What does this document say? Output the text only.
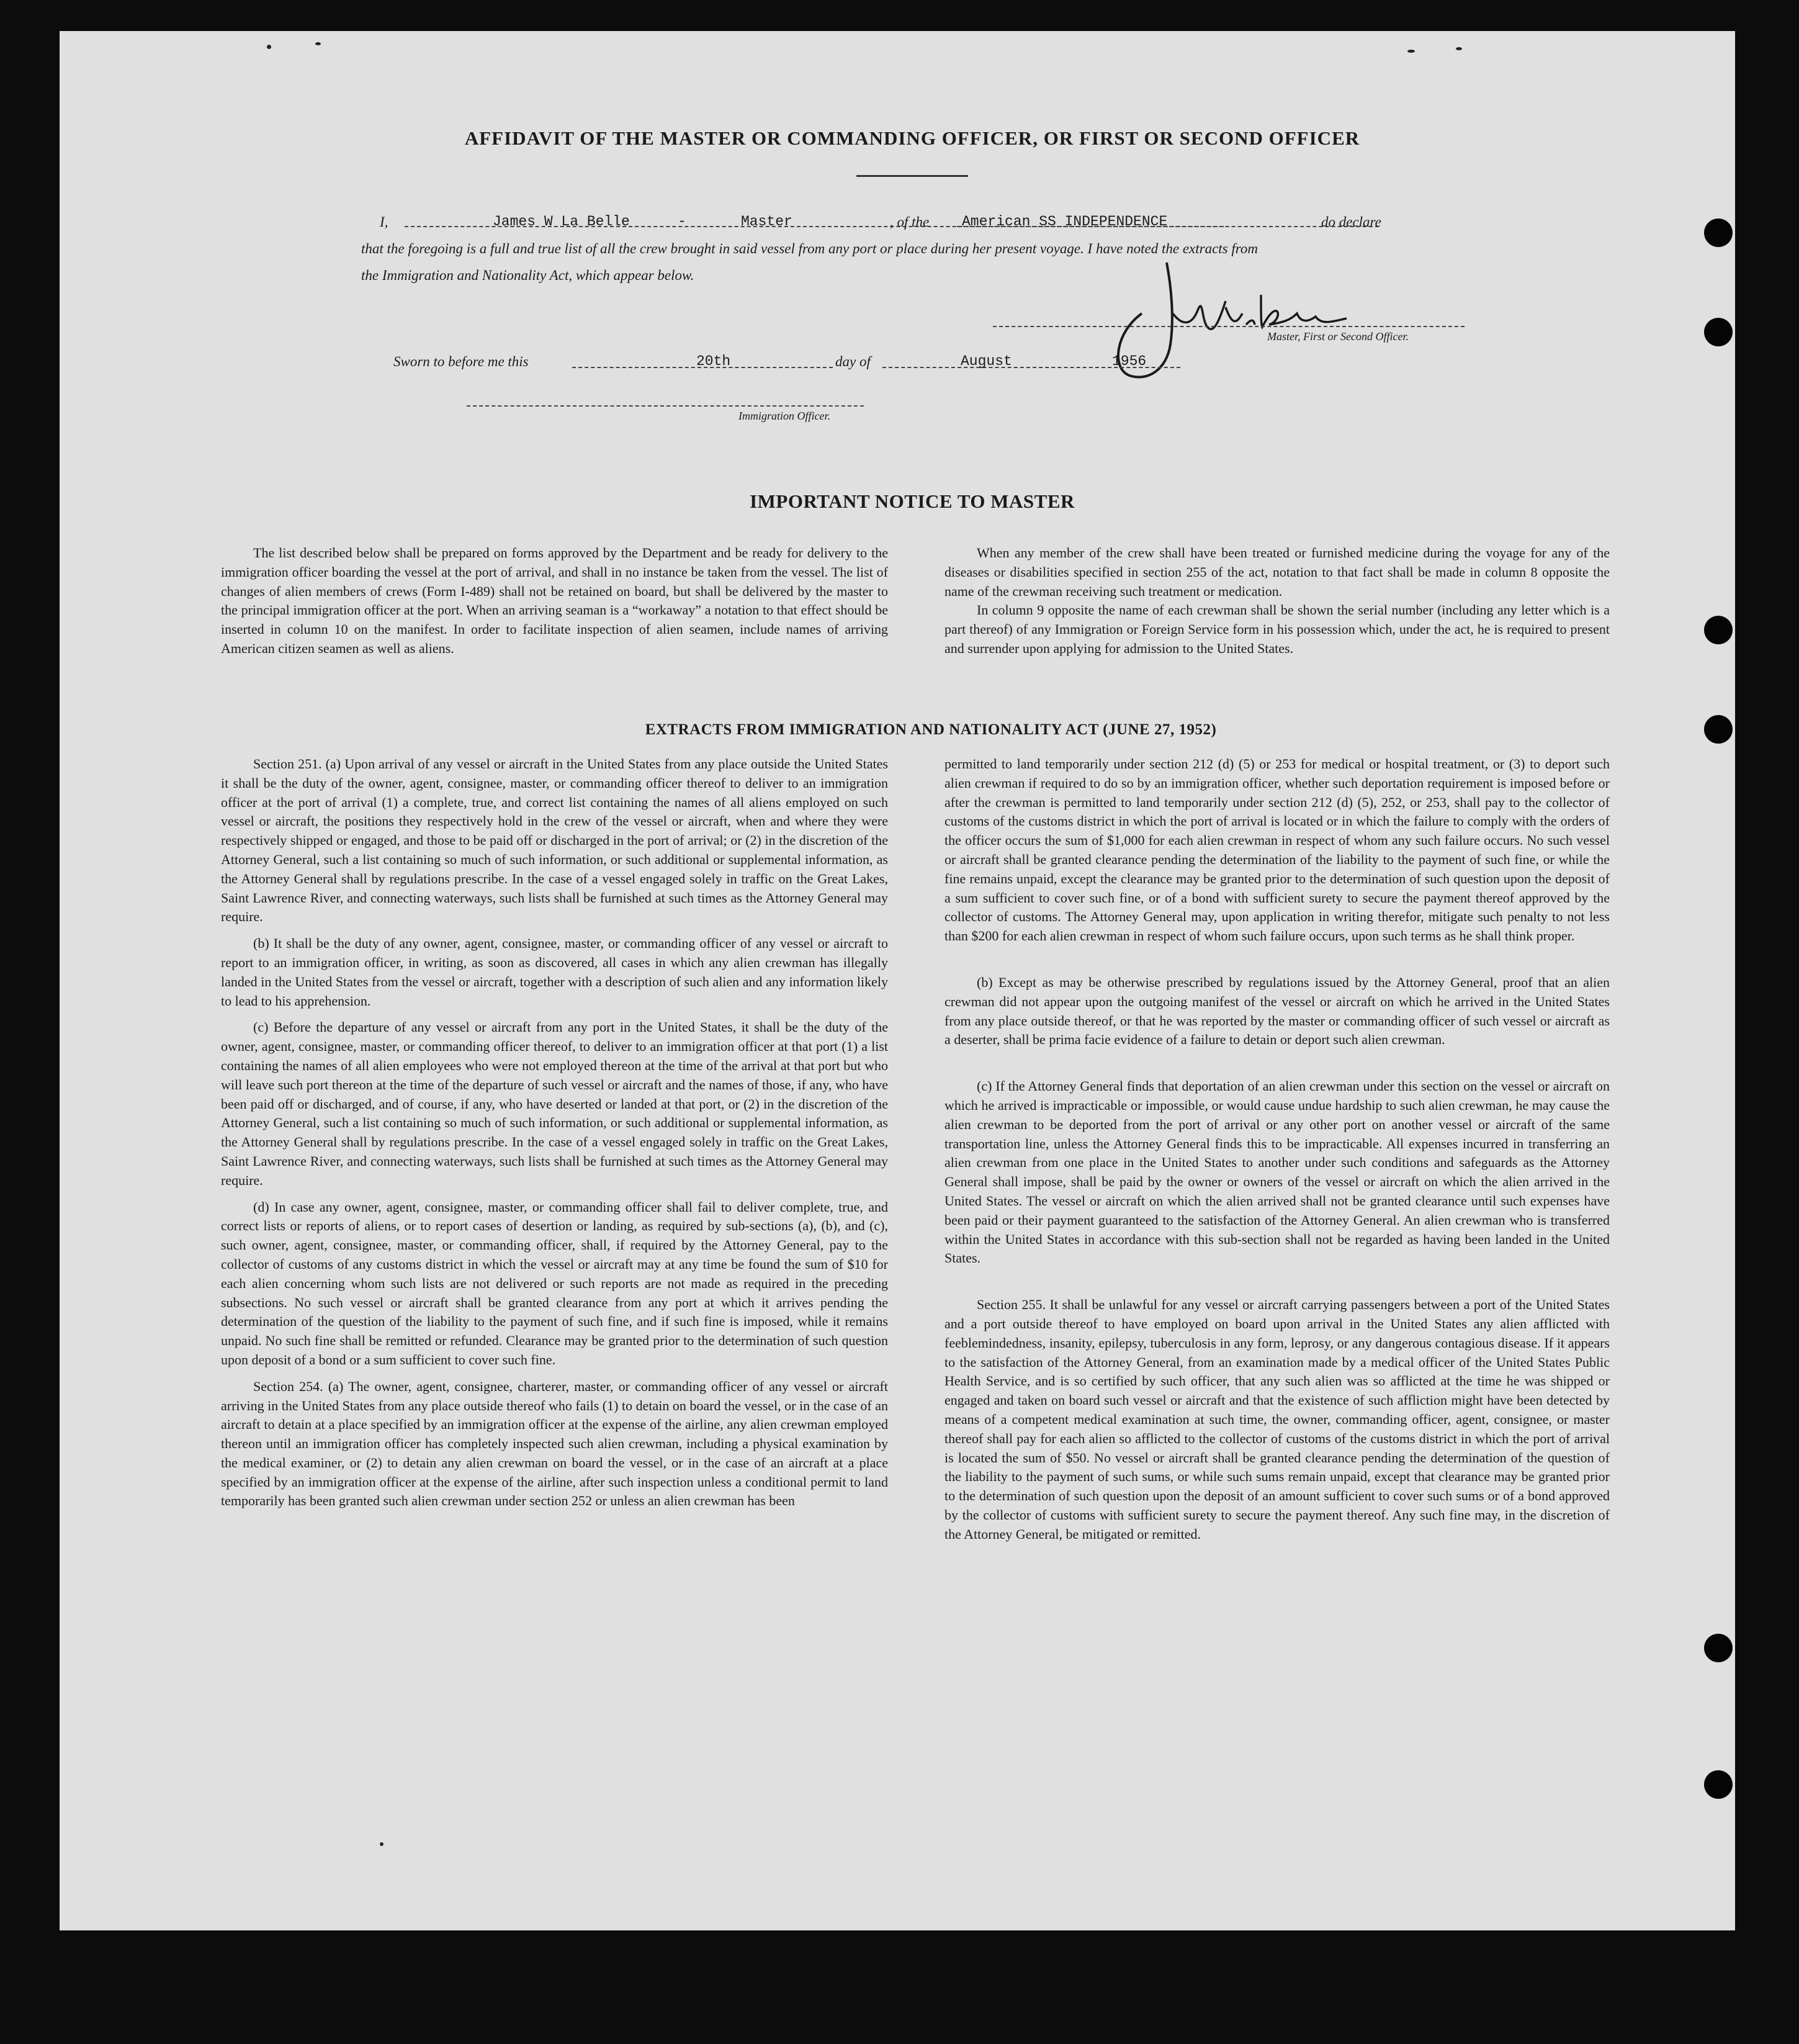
AFFIDAVIT OF THE MASTER OR COMMANDING OFFICER, OR FIRST OR SECOND OFFICER
I,	James W La Belle	-	Master	, of the American SS INDEPENDENCE	do declare
that the foregoing is a full and true list of all the crew brought in said vessel from any port or place during her present voyage. I have noted the extracts from
the Immigration and Nationality Act, which appear below.
Master, First or Second Officer.
Sworn to before me this	20th	day of	August	1956
Immigration Officer.
IMPORTANT NOTICE TO MASTER

The list described below shall be prepared on forms approved by the Department and be ready for delivery to the immigration officer boarding the vessel at the port of arrival, and shall in no instance be taken from the vessel. The list of changes of alien members of crews (Form I-489) shall not be retained on board, but shall be delivered by the master to the principal immigration officer at the port. When an arriving seaman is a “workaway” a notation to that effect should be inserted in column 10 on the manifest. In order to facilitate inspection of alien seamen, include names of arriving American citizen seamen as well as aliens.

When any member of the crew shall have been treated or furnished medicine during the voyage for any of the diseases or disabilities specified in section 255 of the act, notation to that fact shall be made in column 8 opposite the name of the crewman receiving such treatment or medication.

In column 9 opposite the name of each crewman shall be shown the serial number (including any letter which is a part thereof) of any Immigration or Foreign Service form in his possession which, under the act, he is required to present and surrender upon applying for admission to the United States.

EXTRACTS FROM IMMIGRATION AND NATIONALITY ACT (JUNE 27, 1952)

Section 251. (a) Upon arrival of any vessel or aircraft in the United States from any place outside the United States it shall be the duty of the owner, agent, consignee, master, or commanding officer thereof to deliver to an immigration officer at the port of arrival (1) a complete, true, and correct list containing the names of all aliens employed on such vessel or aircraft, the positions they respectively hold in the crew of the vessel or aircraft, when and where they were respectively shipped or engaged, and those to be paid off or discharged in the port of arrival; or (2) in the discretion of the Attorney General, such a list containing so much of such information, or such additional or supplemental information, as the Attorney General shall by regulations prescribe. In the case of a vessel engaged solely in traffic on the Great Lakes, Saint Lawrence River, and connecting waterways, such lists shall be furnished at such times as the Attorney General may require.

(b) It shall be the duty of any owner, agent, consignee, master, or commanding officer of any vessel or aircraft to report to an immigration officer, in writing, as soon as discovered, all cases in which any alien crewman has illegally landed in the United States from the vessel or aircraft, together with a description of such alien and any information likely to lead to his apprehension.

(c) Before the departure of any vessel or aircraft from any port in the United States, it shall be the duty of the owner, agent, consignee, master, or commanding officer thereof, to deliver to an immigration officer at that port (1) a list containing the names of all alien employees who were not employed thereon at the time of the arrival at that port but who will leave such port thereon at the time of the departure of such vessel or aircraft and the names of those, if any, who have been paid off or discharged, and of course, if any, who have deserted or landed at that port, or (2) in the discretion of the Attorney General, such a list containing so much of such information, or such additional or supplemental information, as the Attorney General shall by regulations prescribe. In the case of a vessel engaged solely in traffic on the Great Lakes, Saint Lawrence River, and connecting waterways, such lists shall be furnished at such times as the Attorney General may require.

(d) In case any owner, agent, consignee, master, or commanding officer shall fail to deliver complete, true, and correct lists or reports of aliens, or to report cases of desertion or landing, as required by sub-sections (a), (b), and (c), such owner, agent, consignee, master, or commanding officer, shall, if required by the Attorney General, pay to the collector of customs of any customs district in which the vessel or aircraft may at any time be found the sum of $10 for each alien concerning whom such lists are not delivered or such reports are not made as required in the preceding subsections. No such vessel or aircraft shall be granted clearance from any port at which it arrives pending the determination of the question of the liability to the payment of such fine, and if such fine is imposed, while it remains unpaid. No such fine shall be remitted or refunded. Clearance may be granted prior to the determination of such question upon deposit of a bond or a sum sufficient to cover such fine.

Section 254. (a) The owner, agent, consignee, charterer, master, or commanding officer of any vessel or aircraft arriving in the United States from any place outside thereof who fails (1) to detain on board the vessel, or in the case of an aircraft to detain at a place specified by an immigration officer at the expense of the airline, any alien crewman employed thereon until an immigration officer has completely inspected such alien crewman, including a physical examination by the medical examiner, or (2) to detain any alien crewman on board the vessel, or in the case of an aircraft at a place specified by an immigration officer at the expense of the airline, after such inspection unless a conditional permit to land temporarily has been granted such alien crewman under section 252 or unless an alien crewman has been

permitted to land temporarily under section 212 (d) (5) or 253 for medical or hospital treatment, or (3) to deport such alien crewman if required to do so by an immigration officer, whether such deportation requirement is imposed before or after the crewman is permitted to land temporarily under section 212 (d) (5), 252, or 253, shall pay to the collector of customs of the customs district in which the port of arrival is located or in which the failure to comply with the orders of the officer occurs the sum of $1,000 for each alien crewman in respect of whom any such failure occurs. No such vessel or aircraft shall be granted clearance pending the determination of the liability to the payment of such fine, or while the fine remains unpaid, except the clearance may be granted prior to the determination of such question upon the deposit of a sum sufficient to cover such fine, or of a bond with sufficient surety to secure the payment thereof approved by the collector of customs. The Attorney General may, upon application in writing therefor, mitigate such penalty to not less than $200 for each alien crewman in respect of whom such failure occurs, upon such terms as he shall think proper.

(b) Except as may be otherwise prescribed by regulations issued by the Attorney General, proof that an alien crewman did not appear upon the outgoing manifest of the vessel or aircraft on which he arrived in the United States from any place outside thereof, or that he was reported by the master or commanding officer of such vessel or aircraft as a deserter, shall be prima facie evidence of a failure to detain or deport such alien crewman.

(c) If the Attorney General finds that deportation of an alien crewman under this section on the vessel or aircraft on which he arrived is impracticable or impossible, or would cause undue hardship to such alien crewman, he may cause the alien crewman to be deported from the port of arrival or any other port on another vessel or aircraft of the same transportation line, unless the Attorney General finds this to be impracticable. All expenses incurred in transferring an alien crewman from one place in the United States to another under such conditions and safeguards as the Attorney General shall impose, shall be paid by the owner or owners of the vessel or aircraft on which the alien arrived in the United States. The vessel or aircraft on which the alien arrived shall not be granted clearance until such expenses have been paid or their payment guaranteed to the satisfaction of the Attorney General. An alien crewman who is transferred within the United States in accordance with this sub-section shall not be regarded as having been landed in the United States.

Section 255. It shall be unlawful for any vessel or aircraft carrying passengers between a port of the United States and a port outside thereof to have employed on board upon arrival in the United States any alien afflicted with feeblemindedness, insanity, epilepsy, tuberculosis in any form, leprosy, or any dangerous contagious disease. If it appears to the satisfaction of the Attorney General, from an examination made by a medical officer of the United States Public Health Service, and is so certified by such officer, that any such alien was so afflicted at the time he was shipped or engaged and taken on board such vessel or aircraft and that the existence of such affliction might have been detected by means of a competent medical examination at such time, the owner, commanding officer, agent, consignee, or master thereof shall pay for each alien so afflicted to the collector of customs of the customs district in which the port of arrival is located the sum of $50. No vessel or aircraft shall be granted clearance pending the determination of the question of the liability to the payment of such sums, or while such sums remain unpaid, except that clearance may be granted prior to the determination of such question upon the deposit of an amount sufficient to cover such sums or of a bond approved by the collector of customs with sufficient surety to secure the payment thereof. Any such fine may, in the discretion of the Attorney General, be mitigated or remitted.
